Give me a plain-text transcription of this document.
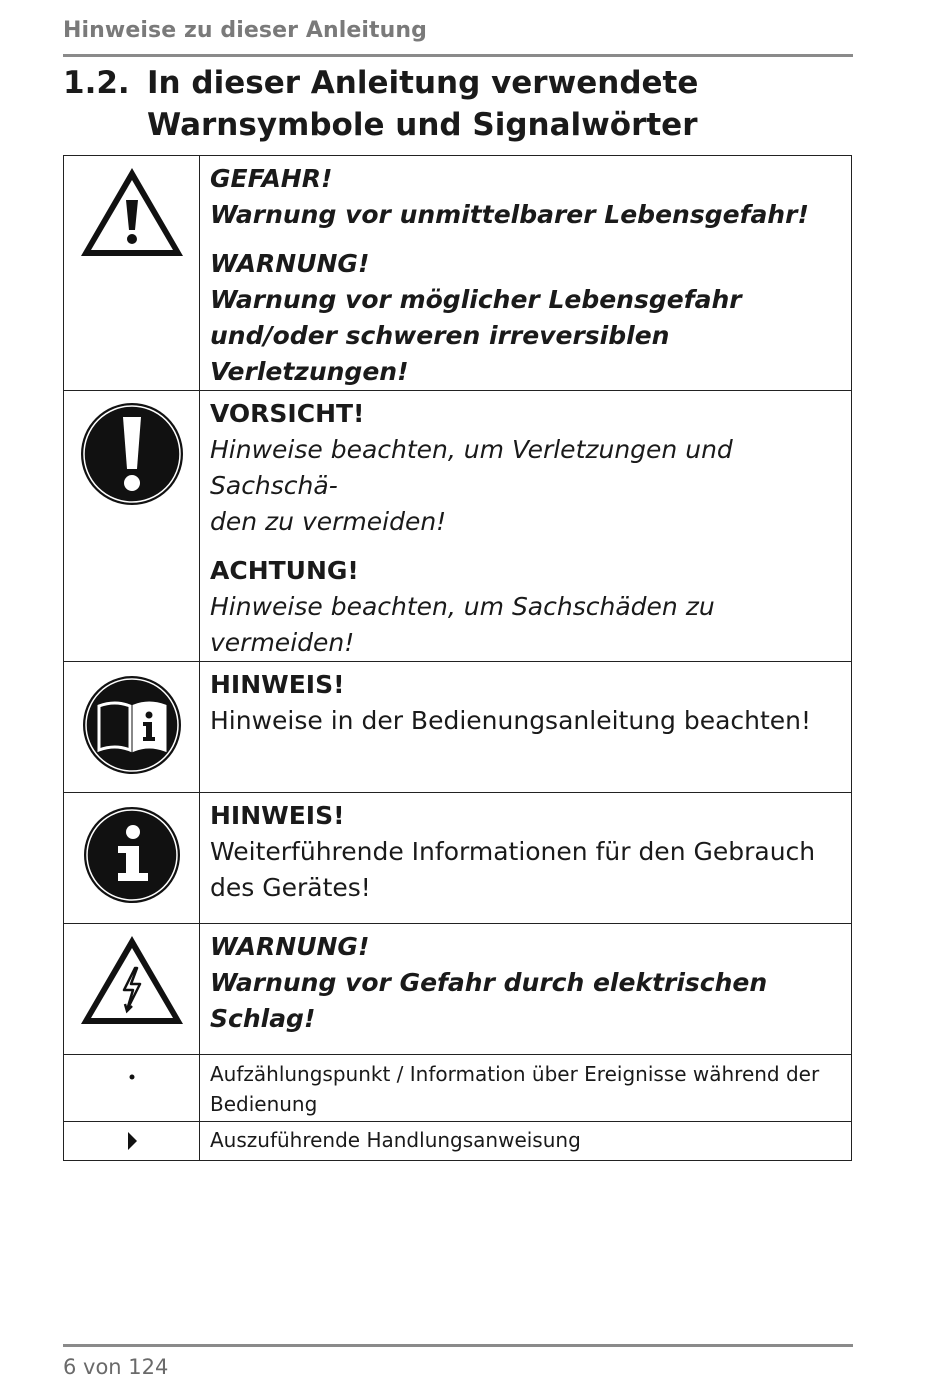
Hinweise zu dieser Anleitung
1.2. In dieser Anleitung verwendete Warnsymbole und Signalwörter

GEFAHR!
Warnung vor unmittelbarer Lebensgefahr!
WARNUNG!
Warnung vor möglicher Lebensgefahr und/oder schweren irreversiblen Verletzungen!

VORSICHT!
Hinweise beachten, um Verletzungen und Sachschä-
den zu vermeiden!
ACHTUNG!
Hinweise beachten, um Sachschäden zu vermeiden!

HINWEIS!
Hinweise in der Bedienungsanleitung beachten!

HINWEIS!
Weiterführende Informationen für den Gebrauch
des Gerätes!

WARNUNG!
Warnung vor Gefahr durch elektrischen Schlag!

Aufzählungspunkt / Information über Ereignisse während der Bedienung

Auszuführende Handlungsanweisung
6 von 124
